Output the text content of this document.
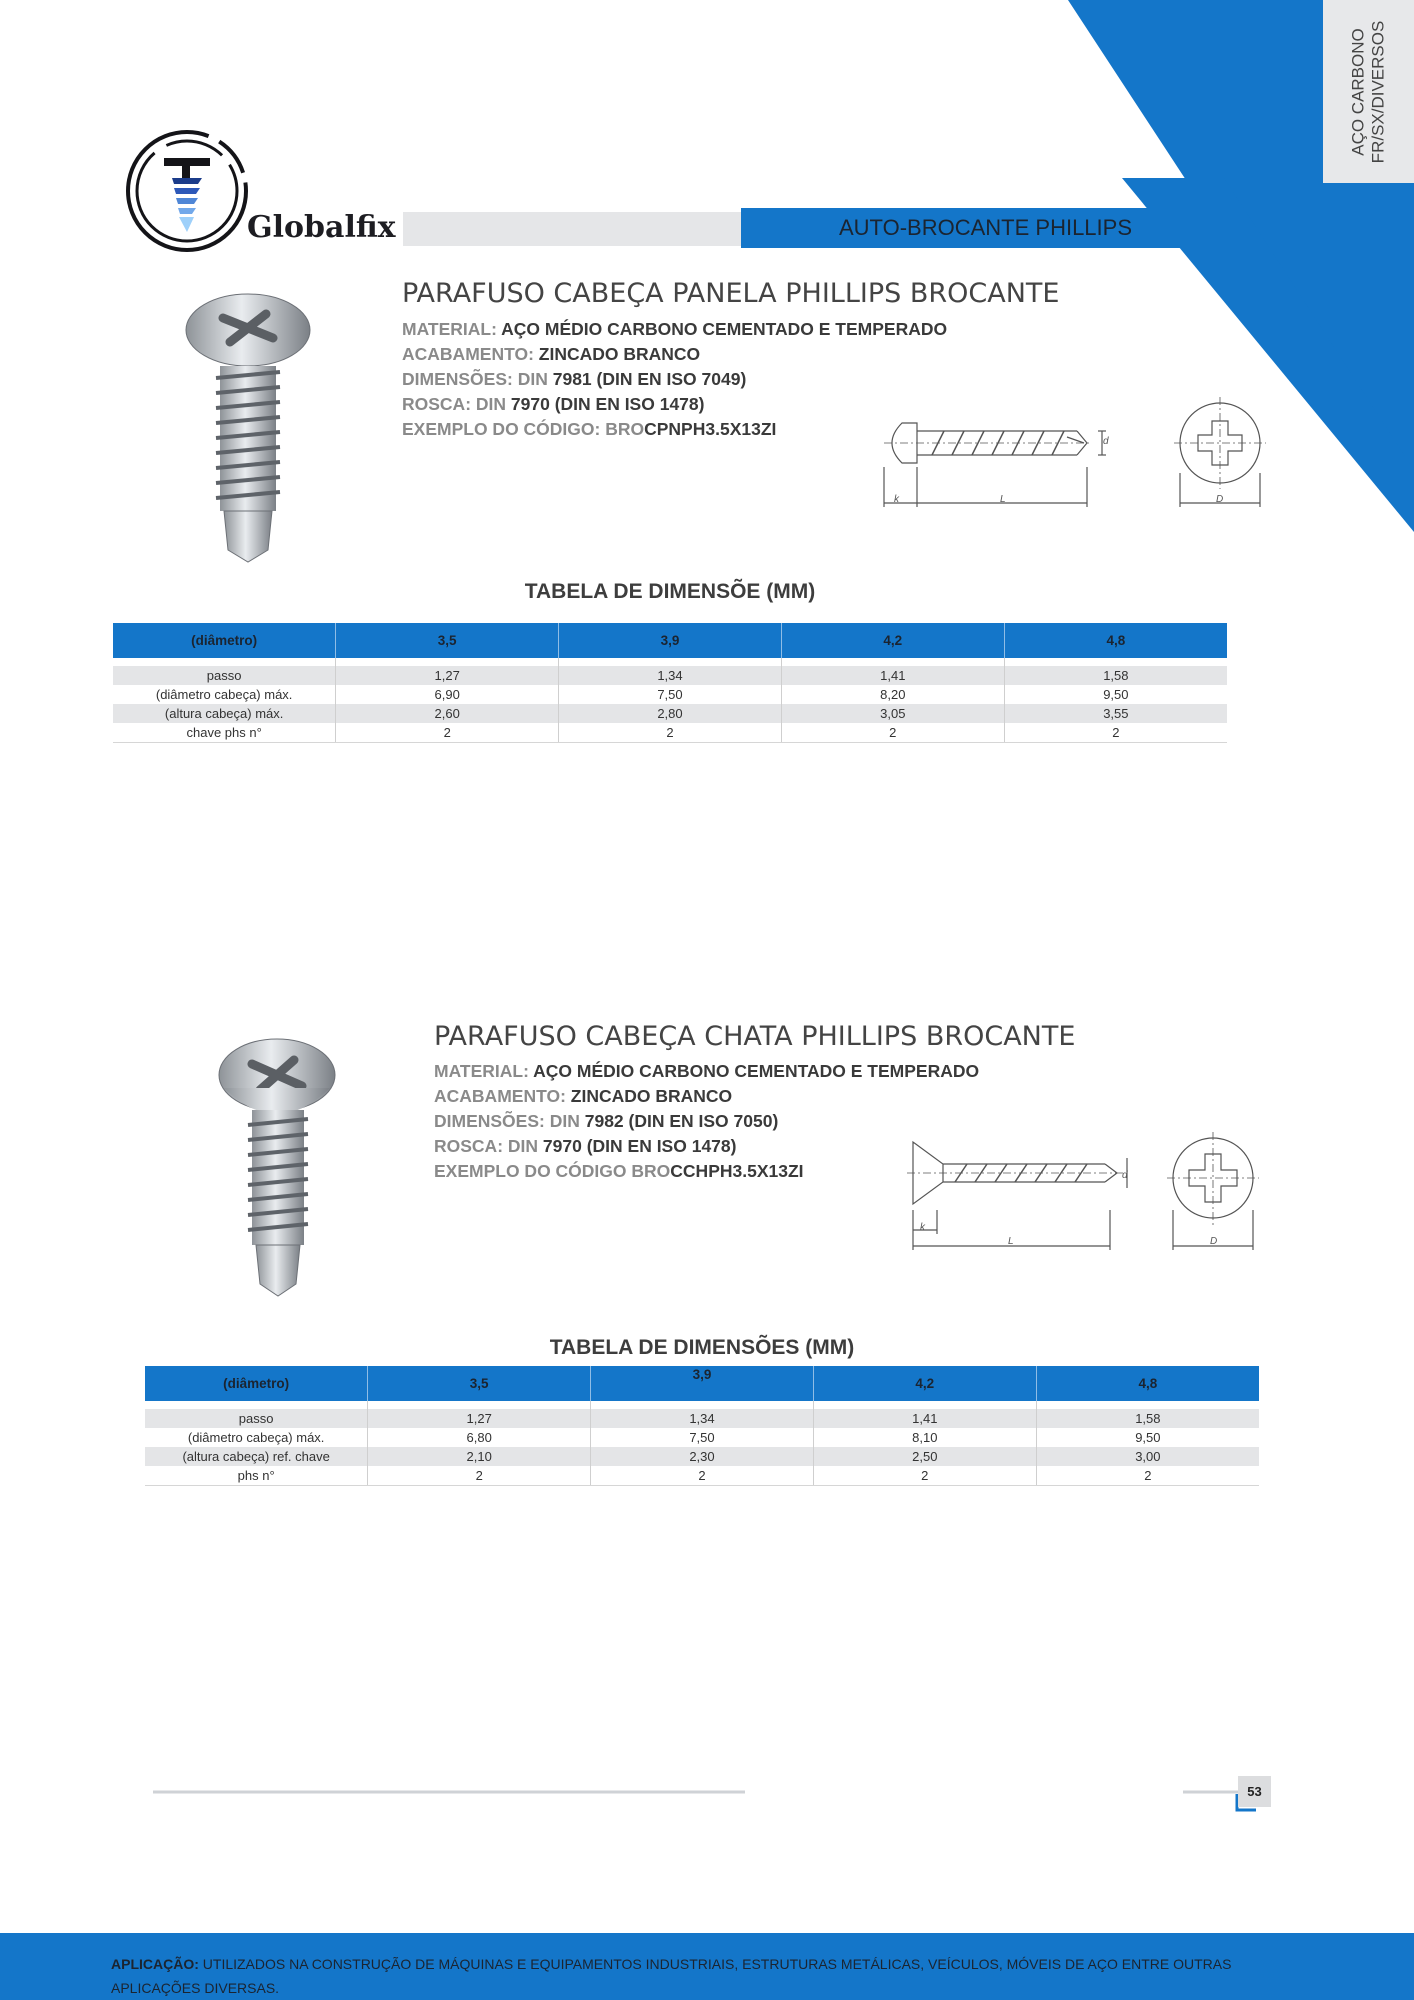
AÇO CARBONO FR/SX/DIVERSOS
Globalfix	AUTO-BROCANTE PHILLIPS
PARAFUSO CABEÇA PANELA PHILLIPS BROCANTE
MATERIAL: AÇO MÉDIO CARBONO CEMENTADO E TEMPERADO
ACABAMENTO: ZINCADO BRANCO
DIMENSÕES: DIN 7981 (DIN EN ISO 7049)
ROSCA: DIN 7970 (DIN EN ISO 1478)
EXEMPLO DO CÓDIGO: BROCPNPH3.5X13ZI
d
k	L	D
TABELA DE DIMENSÕE (MM)
(diâmetro)	3,5	3,9	4,2	4,8

passo	1,27	1,34	1,41	1,58
(diâmetro cabeça) máx.	6,90	7,50	8,20	9,50
(altura cabeça) máx.	2,60	2,80	3,05	3,55
chave phs n°	2	2	2	2
PARAFUSO CABEÇA CHATA PHILLIPS BROCANTE
MATERIAL: AÇO MÉDIO CARBONO CEMENTADO E TEMPERADO
ACABAMENTO: ZINCADO BRANCO
DIMENSÕES: DIN 7982 (DIN EN ISO 7050)
ROSCA: DIN 7970 (DIN EN ISO 1478)
EXEMPLO DO CÓDIGO BROCCHPH3.5X13ZI	d
k
L	D
TABELA DE DIMENSÕES (MM)
(diâmetro)	3,5	3,9	4,2	4,8

passo	1,27	1,34	1,41	1,58
(diâmetro cabeça) máx.	6,80	7,50	8,10	9,50
(altura cabeça) ref. chave	2,10	2,30	2,50	3,00
phs n°	2	2	2	2
53
APLICAÇÃO: UTILIZADOS NA CONSTRUÇÃO DE MÁQUINAS E EQUIPAMENTOS INDUSTRIAIS, ESTRUTURAS METÁLICAS, VEÍCULOS, MÓVEIS DE AÇO ENTRE OUTRAS APLICAÇÕES DIVERSAS.
